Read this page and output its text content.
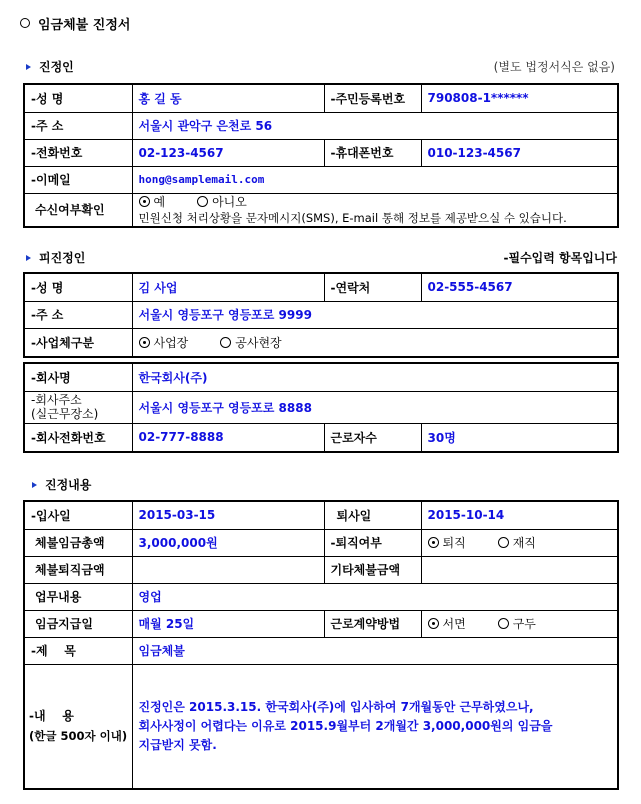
임금체불 진정서
진정인	(별도 법정서식은 없음)
-성 명	홍 길 동	-주민등록번호	790808-1******
-주 소	서울시 관악구 은천로 56		
-전화번호	02-123-4567	-휴대폰번호	010-123-4567
-이메일	hong@samplemail.com		
수신여부확인	예 아니오
민원신청 처리상황을 문자메시지(SMS), E-mail 통해 정보를 제공받으실 수 있습니다.		
피진정인	-필수입력 항목입니다
-성 명	김 사업	-연락처	02-555-4567
-주 소	서울시 영등포구 영등포로 9999		
-사업체구분	사업장 공사현장		
-회사명	한국회사(주)		
-회사주소
(실근무장소)	서울시 영등포구 영등포로 8888		
-회사전화번호	02-777-8888	근로자수	30명
진정내용
-입사일	2015-03-15	퇴사일	2015-10-14
체불임금총액	3,000,000원	-퇴직여부	퇴직 재직
체불퇴직금액		기타체불금액	
업무내용	영업		
임금지급일	매월 25일	근로계약방법	서면 구두
-제    목	임금체불		
-내    용
(한글 500자 이내)	진정인은 2015.3.15. 한국회사(주)에 입사하여 7개월동안 근무하였으나,
회사사정이 어렵다는 이유로 2015.9월부터 2개월간 3,000,000원의 임금을
지급받지 못함.		
